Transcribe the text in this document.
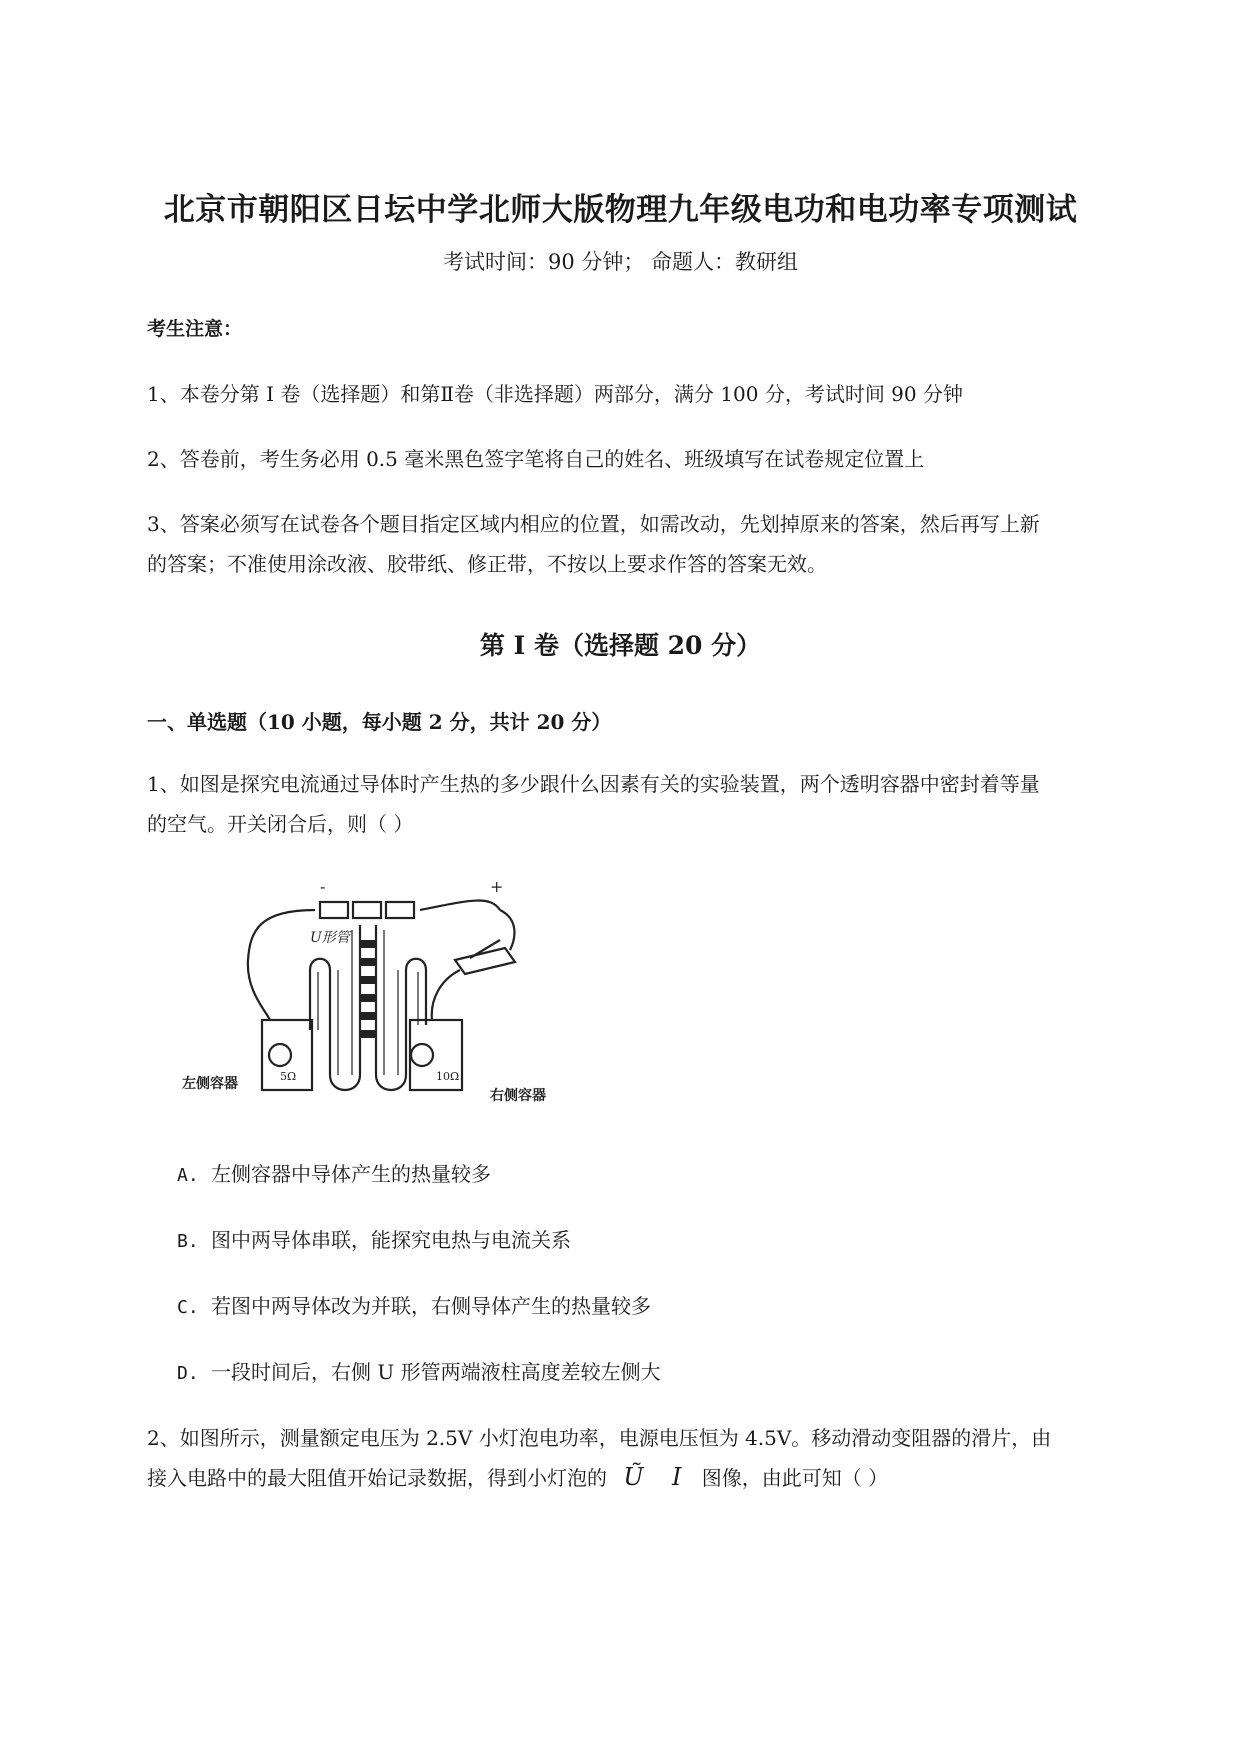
北京市朝阳区日坛中学北师大版物理九年级电功和电功率专项测试
考试时间：90 分钟； 命题人：教研组
考生注意：
1、本卷分第 I 卷（选择题）和第Ⅱ卷（非选择题）两部分，满分 100 分，考试时间 90 分钟
2、答卷前，考生务必用 0.5 毫米黑色签字笔将自己的姓名、班级填写在试卷规定位置上
3、答案必须写在试卷各个题目指定区域内相应的位置，如需改动，先划掉原来的答案，然后再写上新
的答案；不准使用涂改液、胶带纸、修正带，不按以上要求作答的答案无效。
第 I 卷（选择题 20 分）
一、单选题（10 小题，每小题 2 分，共计 20 分）
1、如图是探究电流通过导体时产生热的多少跟什么因素有关的实验装置，两个透明容器中密封着等量
的空气。开关闭合后，则（ ）
U形管
5Ω	10Ω
左侧容器
右侧容器
-	+
A. 左侧容器中导体产生的热量较多
B. 图中两导体串联，能探究电热与电流关系
C. 若图中两导体改为并联，右侧导体产生的热量较多
D. 一段时间后，右侧 U 形管两端液柱高度差较左侧大
2、如图所示，测量额定电压为 2.5V 小灯泡电功率，电源电压恒为 4.5V。移动滑动变阻器的滑片，由
接入电路中的最大阻值开始记录数据，得到小灯泡的 Ũ I 图像，由此可知（ ）
